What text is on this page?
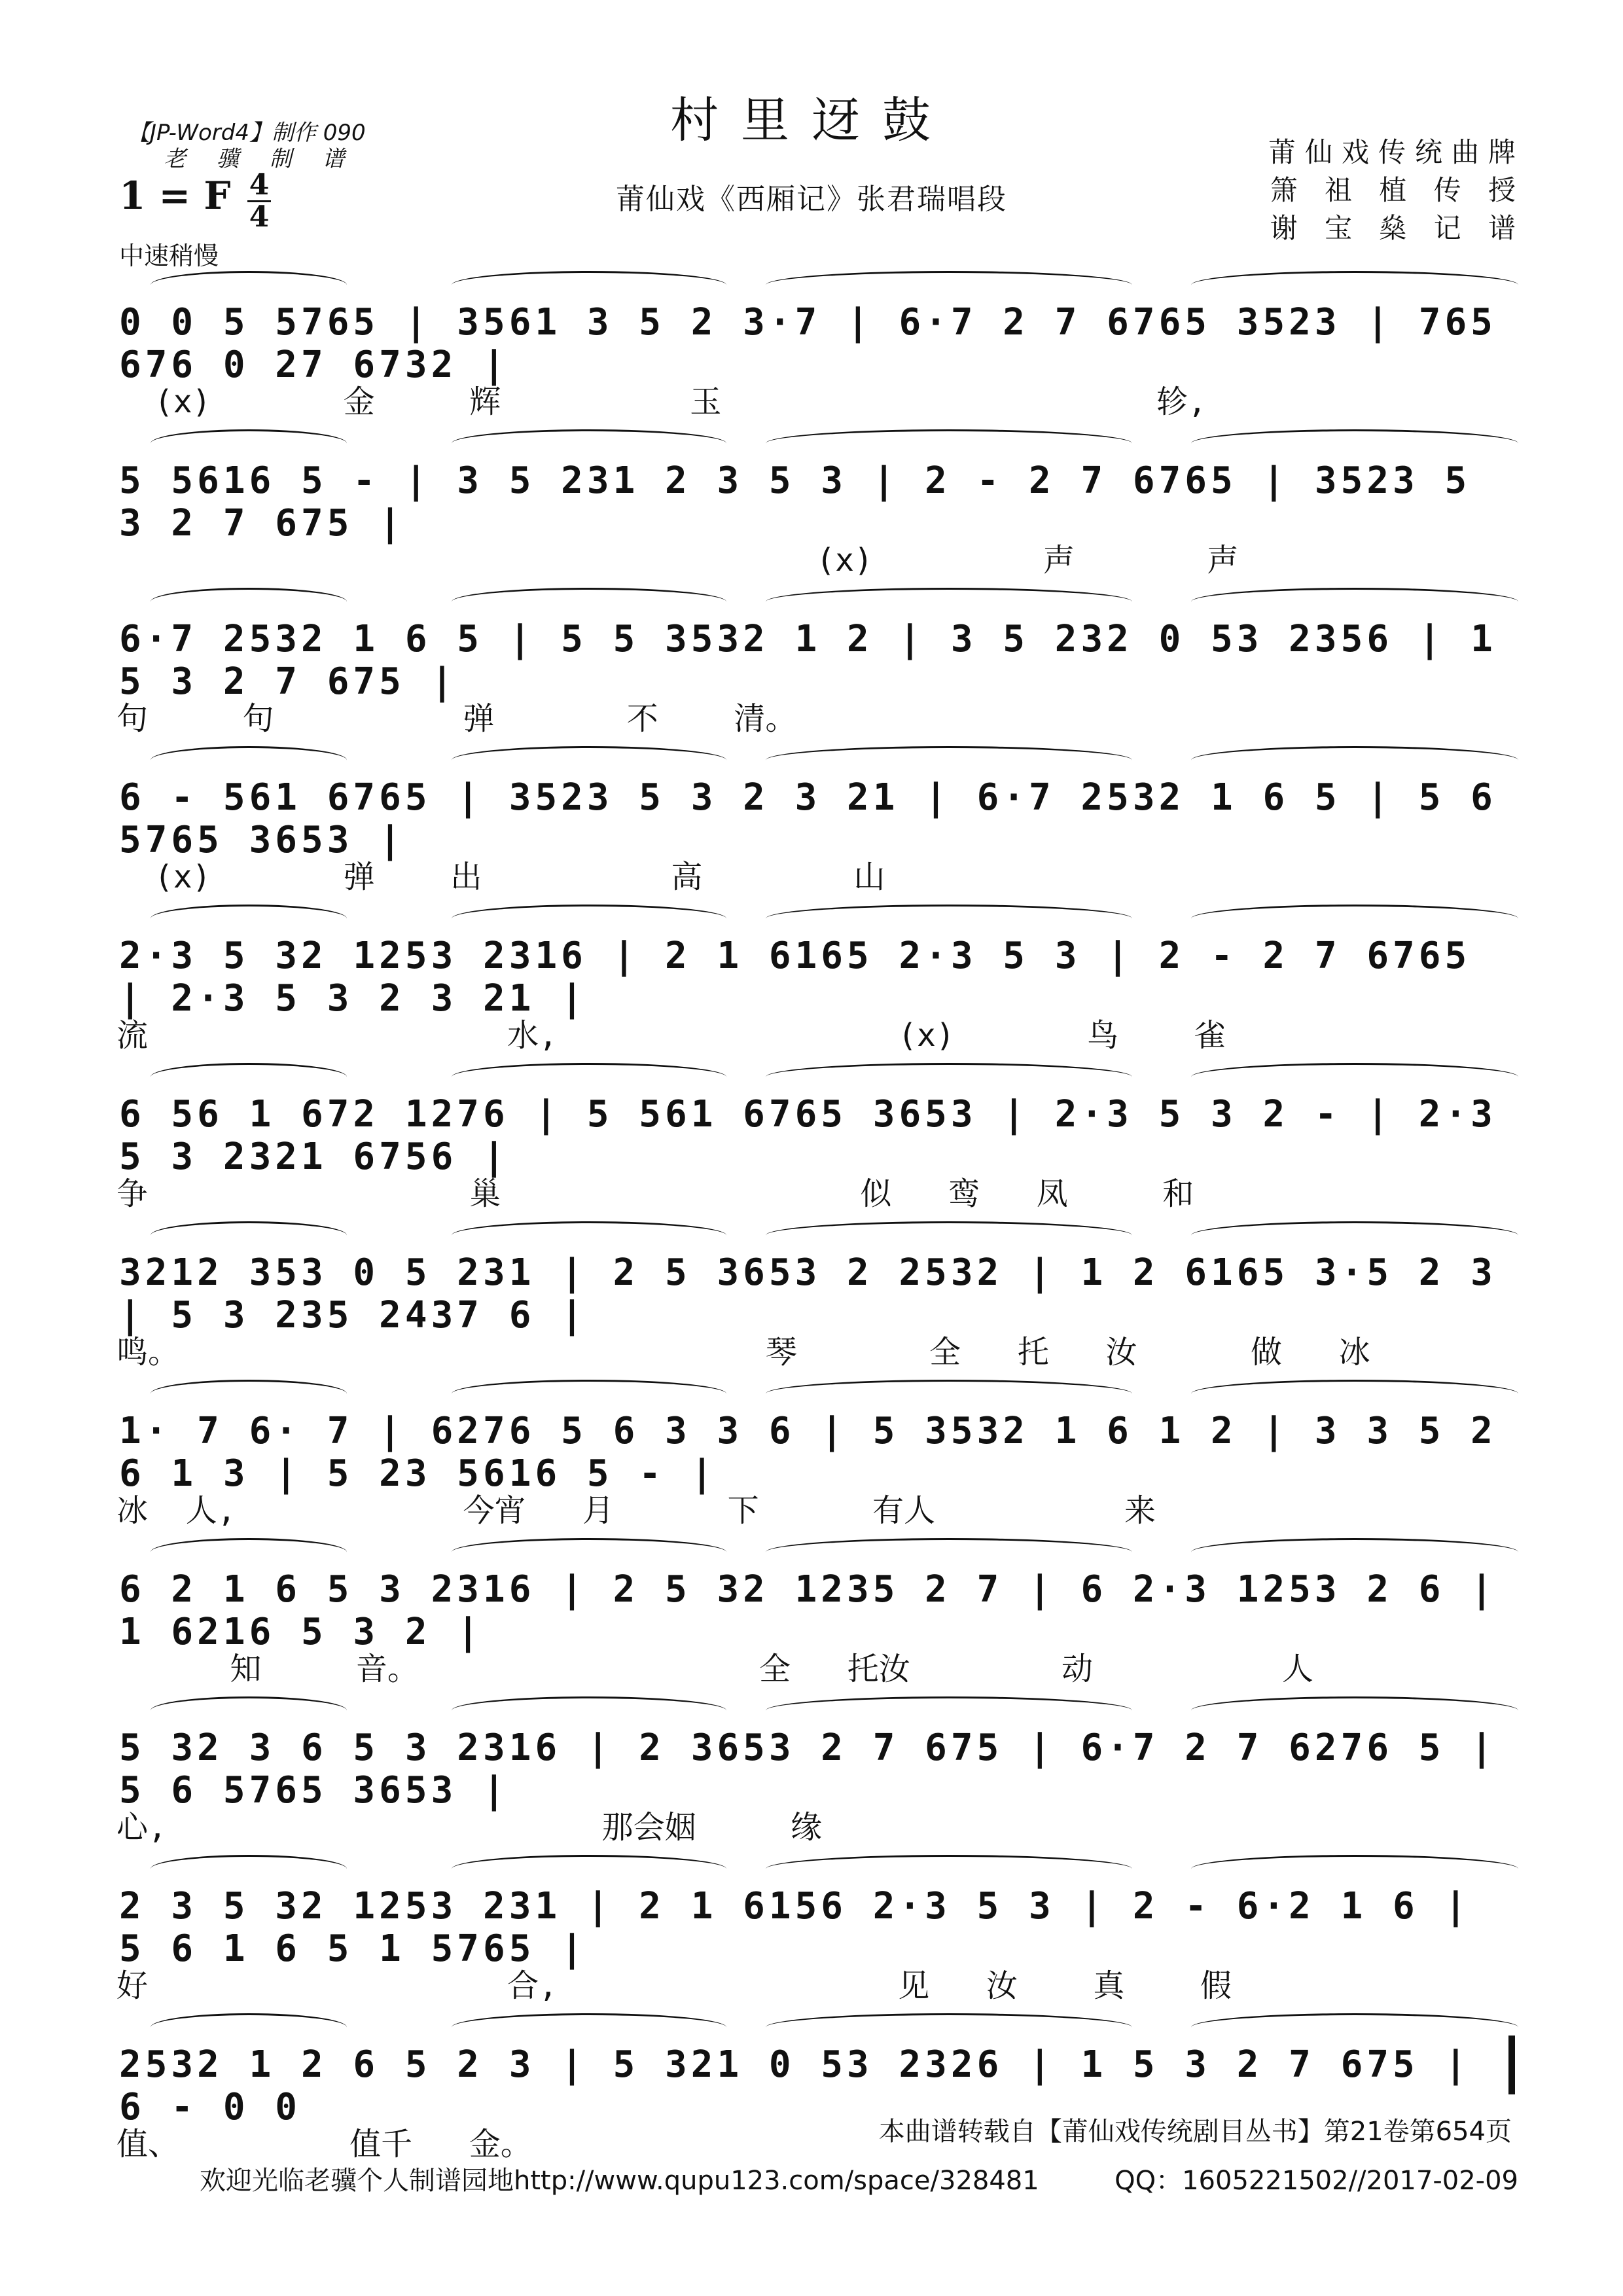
村里迓鼓
莆仙戏《西厢记》张君瑞唱段
【JP-Word4】制作 090
老 骥 制 谱	莆仙戏传统曲牌
箫 祖 植 传 授
谢 宝 燊 记 谱
1 = F 4
4
中速稍慢
0 0 5 5765 | 3561 3 5 2 3·7 | 6·7 2 7 6765 3523 | 765 676 0 27 6732 |
(x)       金     辉          玉                       轸,
5 5616 5 - | 3 5 231 2 3 5 3 | 2 - 2 7 6765 | 3523 5 3 2 7 675 |
(x)         声       声
6·7 2532 1 6 5 | 5 5 3532 1 2 | 3 5 232 0 53 2356 | 1 5 3 2 7 675 |
句     句          弹       不    清。
6 - 561 6765 | 3523 5 3 2 3 21 | 6·7 2532 1 6 5 | 5 6 5765 3653 |
(x)       弹    出          高        山
2·3 5 32 1253 2316 | 2 1 6165 2·3 5 3 | 2 - 2 7 6765 | 2·3 5 3 2 3 21 |
流                   水,                  (x)       鸟    雀
6 56 1 672 1276 | 5 561 6765 3653 | 2·3 5 3 2 - | 2·3 5 3 2321 6756 |
争                 巢                   似   鸾   凤     和
3212 353 0 5 231 | 2 5 3653 2 2532 | 1 2 6165 3·5 2 3 | 5 3 235 2437 6 |
鸣。                               琴       全   托   汝      做   冰
1· 7 6· 7 | 6276 5 6 3 3 6 | 5 3532 1 6 1 2 | 3 3 5 2 6 1 3 | 5 23 5616 5 - |
冰  人,            今宵   月      下      有人          来
6 2 1 6 5 3 2316 | 2 5 32 1235 2 7 | 6 2·3 1253 2 6 | 1 6216 5 3 2 |
知     音。                  全   托汝        动          人
5 32 3 6 5 3 2316 | 2 3653 2 7 675 | 6·7 2 7 6276 5 | 5 6 5765 3653 |
心,                       那会姻     缘
2 3 5 32 1253 231 | 2 1 6156 2·3 5 3 | 2 - 6·2 1 6 | 5 6 1 6 5 1 5765 |
好                   合,                  见   汝    真    假
2532 1 2 6 5 2 3 | 5 321 0 53 2326 | 1 5 3 2 7 675 | 6 - 0 0
值、         值千   金。	本曲谱转载自【莆仙戏传统剧目丛书】第21卷第654页
欢迎光临老骥个人制谱园地http://www.qupu123.com/space/328481	QQ：1605221502//2017-02-09
